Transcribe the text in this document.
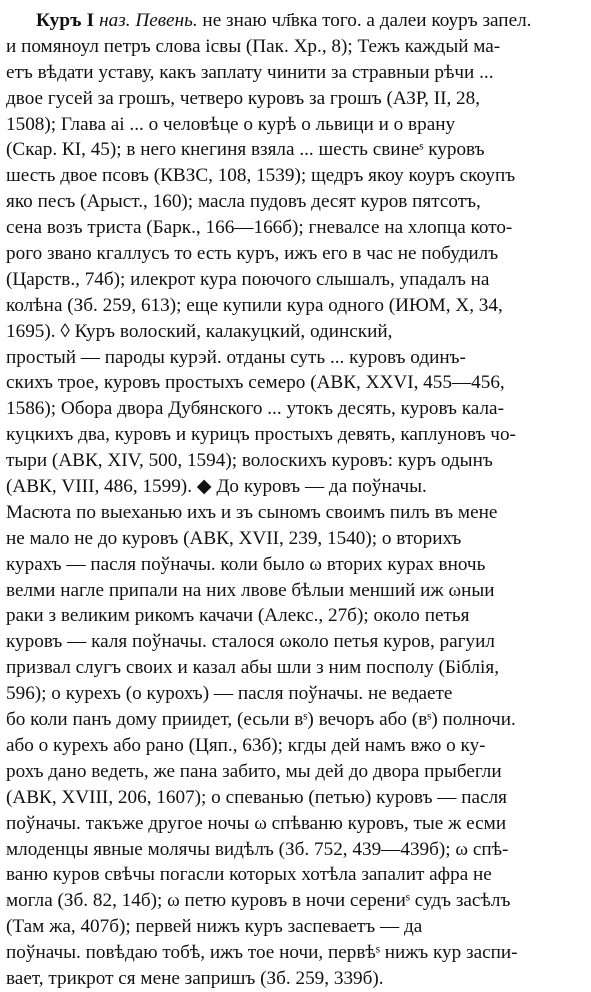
Куръ I наз. Певень. не знаю чл҃вка того. а далеи коуръ запел.
и помяноул петръ слова ісвы (Пак. Хр., 8); Тежъ каждый ма-
етъ вѣдати уставу, какъ заплату чинити за стравныи рѣчи ...
двое гусей за грошъ, четверо куровъ за грошъ (АЗР, II, 28,
1508); Глава аі ... о человѣце о курѣ о львици и о врану
(Скар. КІ, 45); в него кнегиня взяла ... шесть свинеˢ куровъ
шесть двое псовъ (КВЗС, 108, 1539); щедръ якоу коуръ скоупъ
яко песъ (Арыст., 160); масла пудовъ десят куров пятсотъ,
сена возъ триста (Барк., 166—166б); гневалсе на хлопца кото-
рого звано кгаллусъ то есть куръ, ижъ его в час не побудилъ
(Царств., 74б); илекрот кура поючого слышалъ, упадалъ на
колѣна (Зб. 259, 613); еще купили кура одного (ИЮМ, X, 34,
1695). ◊ Куръ волоский, калакуцкий, одинский,
простый — пароды курэй. отданы суть ... куровъ одинъ-
скихъ трое, куровъ простыхъ семеро (АВК, XXVI, 455—456,
1586); Обора двора Дубянского ... утокъ десять, куровъ кала-
куцкихъ два, куровъ и курицъ простыхъ девять, каплуновъ чо-
тыри (АВК, XIV, 500, 1594); волоскихъ куровъ: куръ одынъ
(АВК, VIII, 486, 1599). ◆ До куровъ — да поўначы.
Масюта по выеханью ихъ и зъ сыномъ своимъ пилъ въ мене
не мало не до куровъ (АВК, XVII, 239, 1540); о вторихъ
курахъ — пасля поўначы. коли было ω вторих курах вночь
велми нагле припали на них лвове бѣлыи менший иж ωныи
раки з великим рикомъ качачи (Алекс., 27б); около петья
куровъ — каля поўначы. сталося ωколо петья куров, рагуил
призвал слугъ своих и казал абы шли з ним посполу (Біблія,
596); о курехъ (о курохъ) — пасля поўначы. не ведаете
бо коли панъ дому приидет, (есьли вˢ) вечоръ або (вˢ) полночи.
або о курехъ або рано (Цяп., 63б); кгды дей намъ вжо о ку-
рохъ дано ведеть, же пана забито, мы дей до двора прыбегли
(АВК, XVIII, 206, 1607); о спеванью (петью) куровъ — пасля
поўначы. такъже другое ночы ω спѣваню куровъ, тые ж есми
млоденцы явные молячы видѣлъ (Зб. 752, 439—439б); ω спѣ-
ваню куров свѣчы погасли которых хотѣла запалит афра не
могла (Зб. 82, 14б); ω петю куровъ в ночи серениˢ судъ засѣлъ
(Там жа, 407б); первей нижъ куръ заспеваетъ — да
поўначы. повѣдаю тобѣ, ижъ тое ночи, первѣˢ нижъ кур заспи-
вает, трикрот ся мене запришъ (Зб. 259, 339б).
